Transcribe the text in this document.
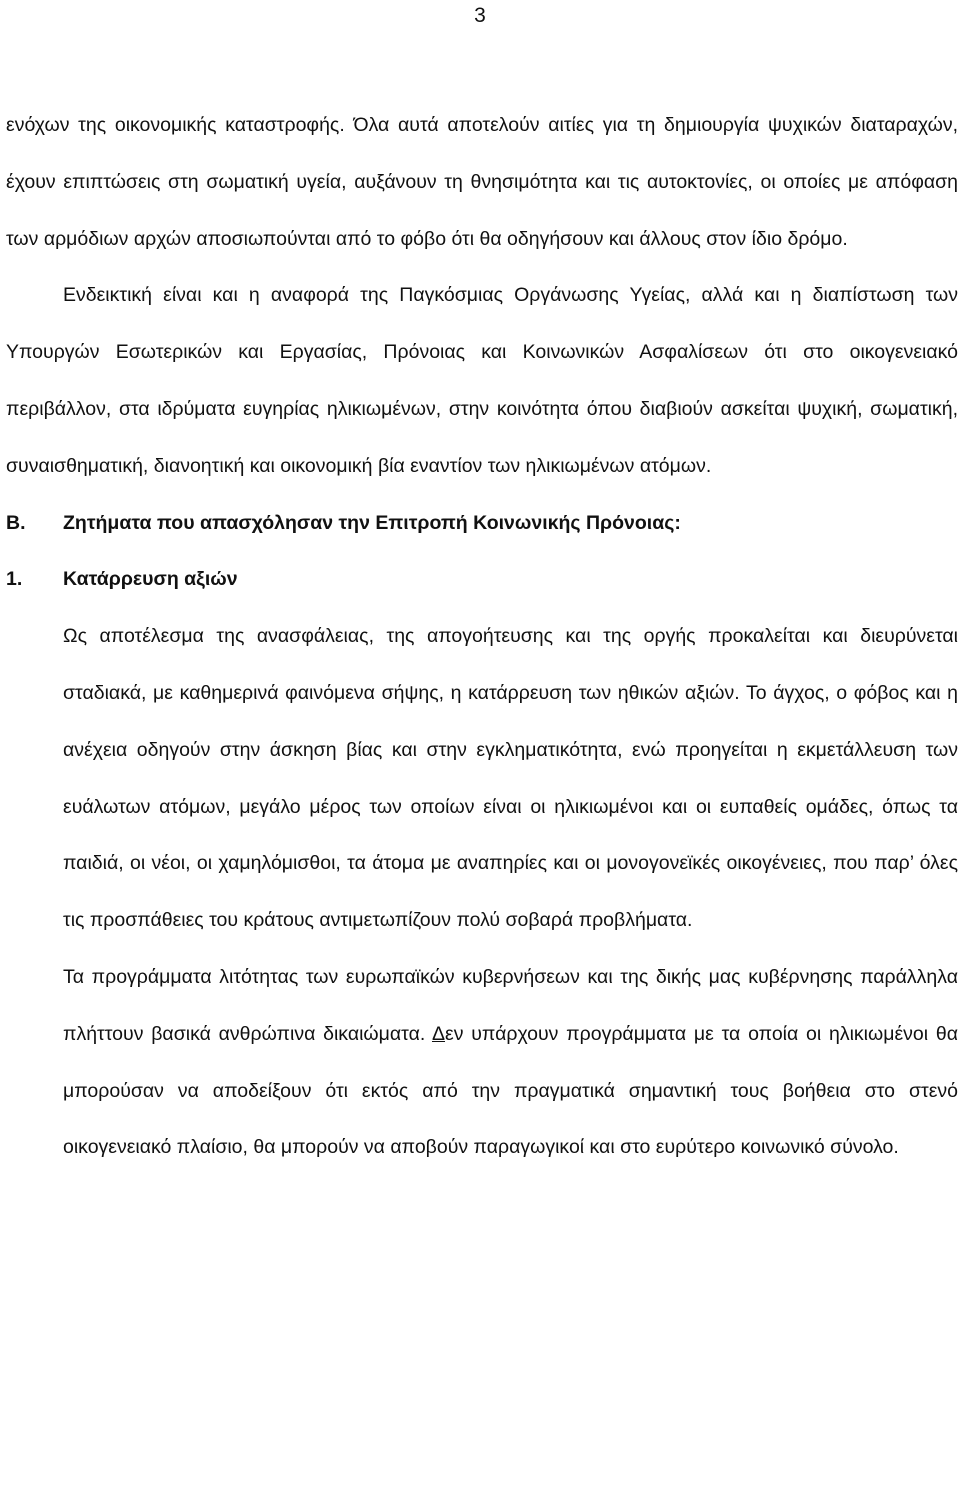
3

ενόχων της οικονομικής καταστροφής. Όλα αυτά αποτελούν αιτίες για τη δημιουργία ψυχικών διαταραχών, έχουν επιπτώσεις στη σωματική υγεία, αυξάνουν τη θνησιμότητα και τις αυτοκτονίες, οι οποίες με απόφαση των αρμόδιων αρχών αποσιωπούνται από το φόβο ότι θα οδηγήσουν και άλλους στον ίδιο δρόμο.

Ενδεικτική είναι και η αναφορά της Παγκόσμιας Οργάνωσης Υγείας, αλλά και η διαπίστωση των Υπουργών Εσωτερικών και Εργασίας, Πρόνοιας και Κοινωνικών Ασφαλίσεων ότι στο οικογενειακό περιβάλλον, στα ιδρύματα ευγηρίας ηλικιωμένων, στην κοινότητα όπου διαβιούν ασκείται ψυχική, σωματική, συναισθηματική, διανοητική και οικονομική βία εναντίον των ηλικιωμένων ατόμων.

Β.	Ζητήματα που απασχόλησαν την Επιτροπή Κοινωνικής Πρόνοιας:
1.	Κατάρρευση αξιών

Ως αποτέλεσμα της ανασφάλειας, της απογοήτευσης και της οργής προκαλείται και διευρύνεται σταδιακά, με καθημερινά φαινόμενα σήψης, η κατάρρευση των ηθικών αξιών. Το άγχος, ο φόβος και η ανέχεια οδηγούν στην άσκηση βίας και στην εγκληματικότητα, ενώ προηγείται η εκμετάλλευση των ευάλωτων ατόμων, μεγάλο μέρος των οποίων είναι οι ηλικιωμένοι και οι ευπαθείς ομάδες, όπως τα παιδιά, οι νέοι, οι χαμηλόμισθοι, τα άτομα με αναπηρίες και οι μονογονεϊκές οικογένειες, που παρ’ όλες τις προσπάθειες του κράτους αντιμετωπίζουν πολύ σοβαρά προβλήματα.

Τα προγράμματα λιτότητας των ευρωπαϊκών κυβερνήσεων και της δικής μας κυβέρνησης παράλληλα πλήττουν βασικά ανθρώπινα δικαιώματα. Δεν υπάρχουν προγράμματα με τα οποία οι ηλικιωμένοι θα μπορούσαν να αποδείξουν ότι εκτός από την πραγματικά σημαντική τους βοήθεια στο στενό οικογενειακό πλαίσιο, θα μπορούν να αποβούν παραγωγικοί και στο ευρύτερο κοινωνικό σύνολο.
